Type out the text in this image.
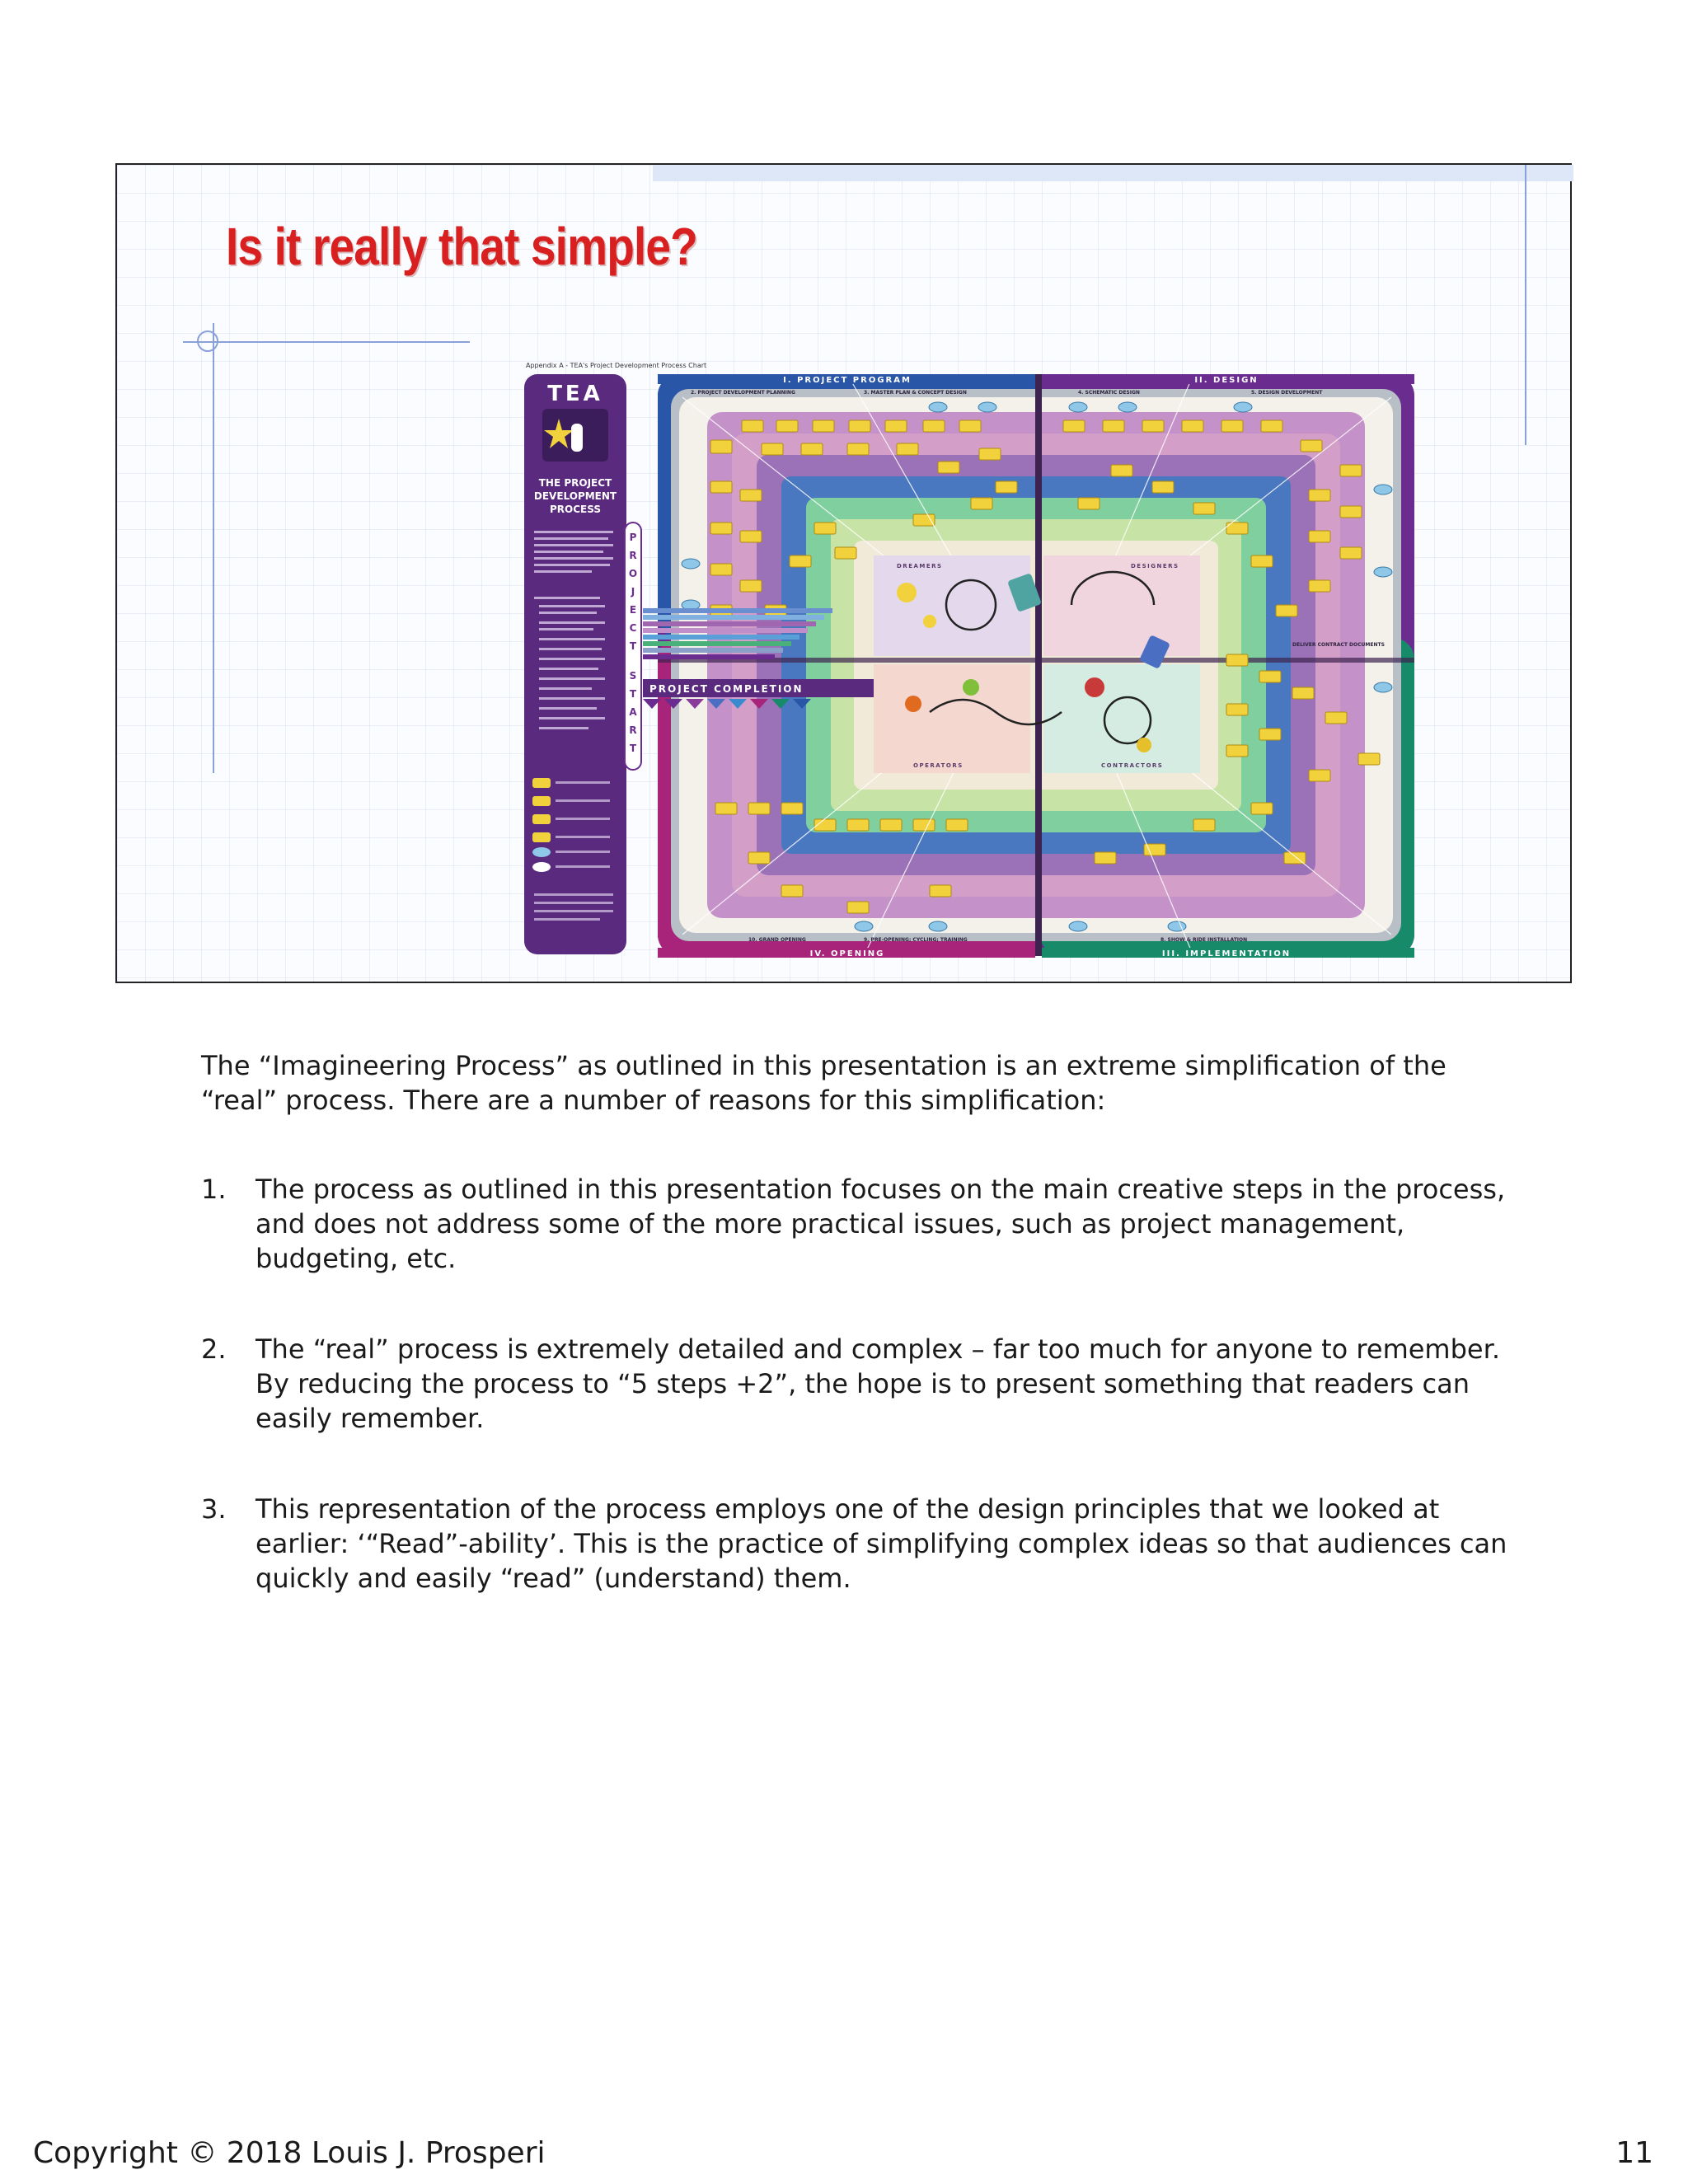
Is it really that simple?
Appendix A - TEA's Project Development Process Chart
DREAMERS	DESIGNERS
OPERATORS	CONTRACTORS
TEA
THE PROJECT
DEVELOPMENT
PROCESS
P
R
O
J
E
C
T
S
T
A
R
T
PROJECT COMPLETION
I. PROJECT PROGRAM	II. DESIGN
IV. OPENING	III. IMPLEMENTATION
2. PROJECT DEVELOPMENT PLANNING	3. MASTER PLAN & CONCEPT DESIGN	4. SCHEMATIC DESIGN	5. DESIGN DEVELOPMENT
10. GRAND OPENING	9. PRE-OPENING; CYCLING; TRAINING	8. SHOW & RIDE INSTALLATION
DELIVER CONTRACT DOCUMENTS

The “Imagineering Process” as outlined in this presentation is an extreme simplification of the “real” process. There are a number of reasons for this simplification:

1. The process as outlined in this presentation focuses on the main creative steps in the process, and does not address some of the more practical issues, such as project management, budgeting, etc.
2. The “real” process is extremely detailed and complex – far too much for anyone to remember. By reducing the process to “5 steps +2”, the hope is to present something that readers can easily remember.
3. This representation of the process employs one of the design principles that we looked at earlier: ‘“Read”-ability’. This is the practice of simplifying complex ideas so that audiences can quickly and easily “read” (understand) them.
Copyright © 2018 Louis J. Prosperi	11
